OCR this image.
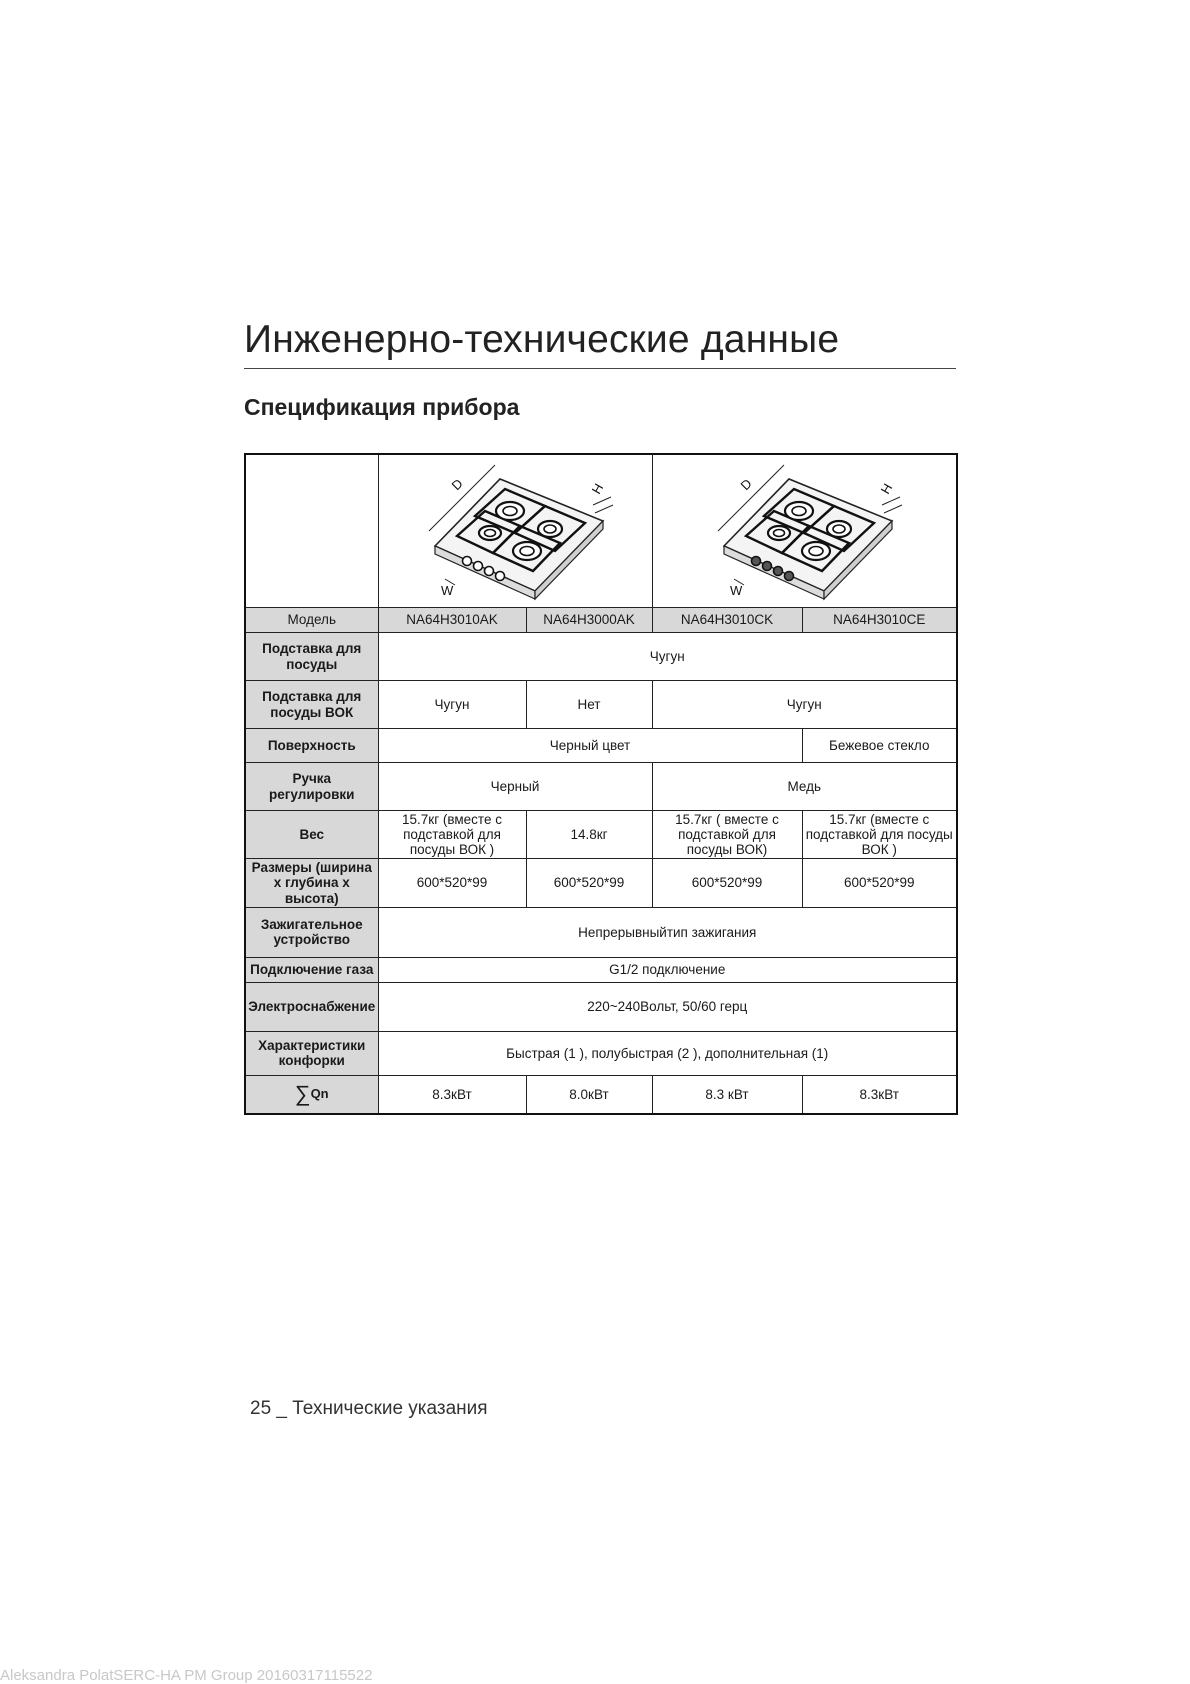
Инженерно-технические данные
Спецификация прибора

D
W
H		D
W
H	

Модель	NA64H3010AK	NA64H3000AK	NA64H3010CK	NA64H3010CE
Подставка для посуды	Чугун			
Подставка для посуды ВОК	Чугун	Нет	Чугун	
Поверхность	Черный цвет			Бежевое стекло
Ручка регулировки	Черный		Медь	
Вес	15.7кг (вместе с подставкой для посуды ВОК )	14.8кг	15.7кг ( вместе с подставкой для посуды ВОК)	15.7кг (вместе с подставкой для посуды ВОК )
Размеры (ширина x глубина x высота)	600*520*99	600*520*99	600*520*99	600*520*99
Зажигательное устройство	Непрерывныйтип зажигания			
Подключение газа	G1/2 подключение			
Электроснабжение	220~240Вольт, 50/60 герц			
Характеристики конфорки	Быстрая (1 ), полубыстрая (2 ), дополнительная (1)			
∑Qn	8.3кВт	8.0кВт	8.3 кВт	8.3кВт
25 _ Технические указания
Aleksandra PolatSERC-HA PM Group 20160317115522
